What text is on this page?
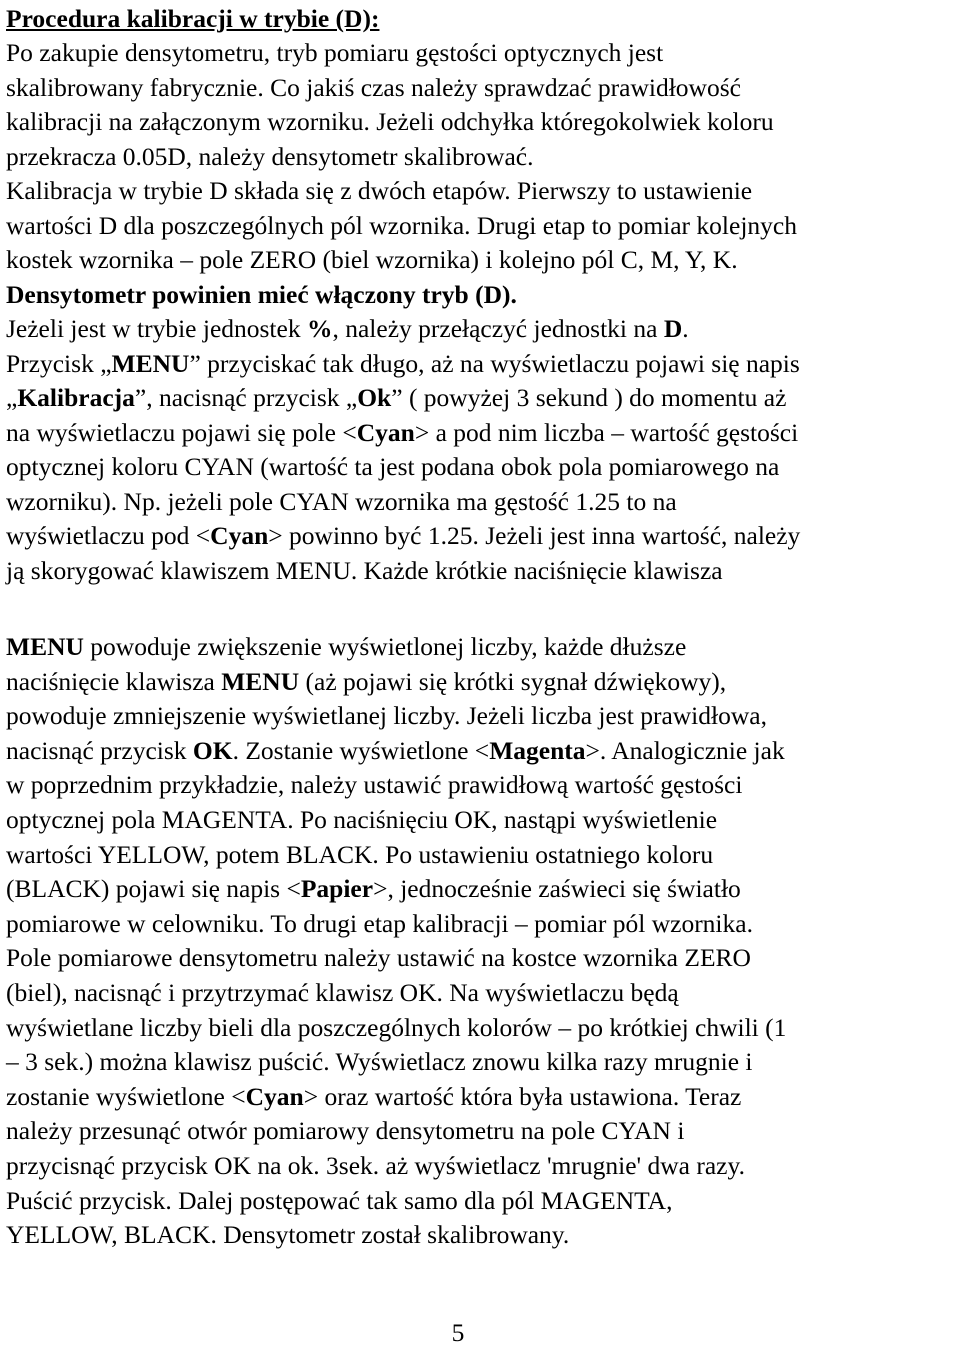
Procedura kalibracji w trybie (D):
Po zakupie densytometru, tryb pomiaru gęstości optycznych jest
skalibrowany fabrycznie. Co jakiś czas należy sprawdzać prawidłowość
kalibracji na załączonym wzorniku. Jeżeli odchyłka któregokolwiek koloru
przekracza 0.05D, należy densytometr skalibrować.
Kalibracja w trybie D składa się z dwóch etapów. Pierwszy to ustawienie
wartości D dla poszczególnych pól wzornika. Drugi etap to pomiar kolejnych
kostek wzornika – pole ZERO (biel wzornika) i kolejno pól C, M, Y, K.
Densytometr powinien mieć włączony tryb (D).
Jeżeli jest w trybie jednostek %, należy przełączyć jednostki na D.
Przycisk „MENU” przyciskać tak długo, aż na wyświetlaczu pojawi się napis
„Kalibracja”, nacisnąć przycisk „Ok” ( powyżej 3 sekund ) do momentu aż
na wyświetlaczu pojawi się pole <Cyan> a pod nim liczba – wartość gęstości
optycznej koloru CYAN (wartość ta jest podana obok pola pomiarowego na
wzorniku). Np. jeżeli pole CYAN wzornika ma gęstość 1.25 to na
wyświetlaczu pod <Cyan> powinno być 1.25. Jeżeli jest inna wartość, należy
ją skorygować klawiszem MENU. Każde krótkie naciśnięcie klawisza
MENU powoduje zwiększenie wyświetlonej liczby, każde dłuższe
naciśnięcie klawisza MENU (aż pojawi się krótki sygnał dźwiękowy),
powoduje zmniejszenie wyświetlanej liczby. Jeżeli liczba jest prawidłowa,
nacisnąć przycisk OK. Zostanie wyświetlone <Magenta>. Analogicznie jak
w poprzednim przykładzie, należy ustawić prawidłową wartość gęstości
optycznej pola MAGENTA. Po naciśnięciu OK, nastąpi wyświetlenie
wartości YELLOW, potem BLACK. Po ustawieniu ostatniego koloru
(BLACK) pojawi się napis <Papier>, jednocześnie zaświeci się światło
pomiarowe w celowniku. To drugi etap kalibracji – pomiar pól wzornika.
Pole pomiarowe densytometru należy ustawić na kostce wzornika ZERO
(biel), nacisnąć i przytrzymać klawisz OK. Na wyświetlaczu będą
wyświetlane liczby bieli dla poszczególnych kolorów – po krótkiej chwili (1
– 3 sek.) można klawisz puścić. Wyświetlacz znowu kilka razy mrugnie i
zostanie wyświetlone <Cyan> oraz wartość która była ustawiona. Teraz
należy przesunąć otwór pomiarowy densytometru na pole CYAN i
przycisnąć przycisk OK na ok. 3sek. aż wyświetlacz 'mrugnie' dwa razy.
Puścić przycisk. Dalej postępować tak samo dla pól MAGENTA,
YELLOW, BLACK. Densytometr został skalibrowany.
5
